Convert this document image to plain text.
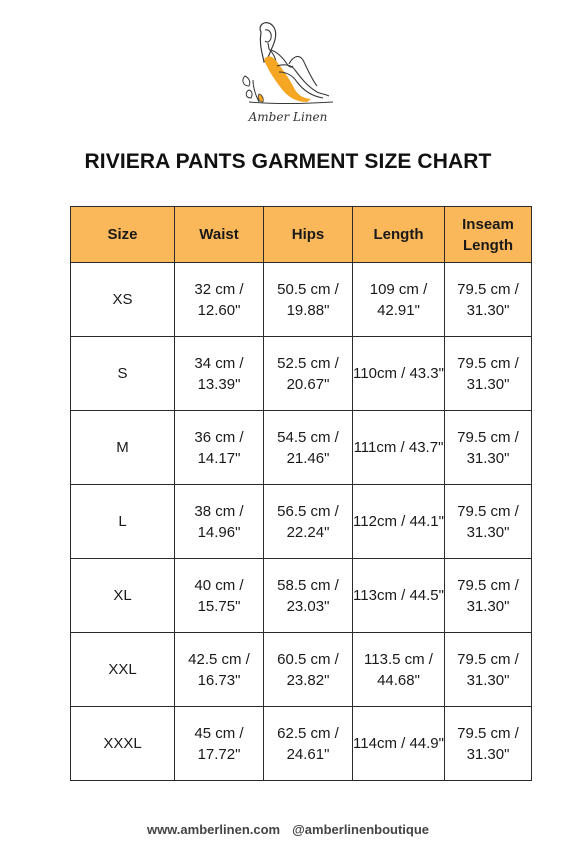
Amber Linen
RIVIERA PANTS GARMENT SIZE CHART
Size	Waist	Hips	Length	Inseam Length
XS	32 cm / 12.60"	50.5 cm / 19.88"	109 cm / 42.91"	79.5 cm / 31.30"
S	34 cm / 13.39"	52.5 cm / 20.67"	110cm / 43.3"	79.5 cm / 31.30"
M	36 cm / 14.17"	54.5 cm / 21.46"	111cm / 43.7"	79.5 cm / 31.30"
L	38 cm / 14.96"	56.5 cm / 22.24"	112cm / 44.1"	79.5 cm / 31.30"
XL	40 cm / 15.75"	58.5 cm / 23.03"	113cm / 44.5"	79.5 cm / 31.30"
XXL	42.5 cm / 16.73"	60.5 cm / 23.82"	113.5 cm / 44.68"	79.5 cm / 31.30"
XXXL	45 cm / 17.72"	62.5 cm / 24.61"	114cm / 44.9"	79.5 cm / 31.30"
www.amberlinen.com @amberlinenboutique
